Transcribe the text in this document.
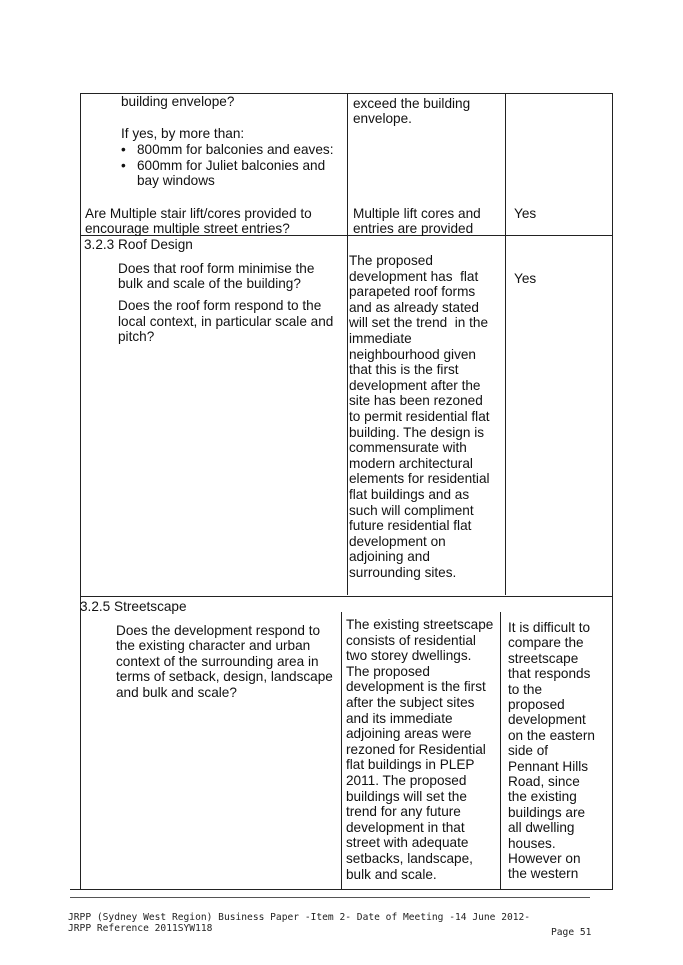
building envelope?
If yes, by more than:
• 800mm for balconies and eaves:
• 600mm for Juliet balconies and
bay windows
exceed the building
envelope.
Are Multiple stair lift/cores provided to
encourage multiple street entries?
Multiple lift cores and
entries are provided
Yes
3.2.3 Roof Design
Does that roof form minimise the
bulk and scale of the building?
Does the roof form respond to the
local context, in particular scale and
pitch?
The proposed
development has  flat
parapeted roof forms
and as already stated
will set the trend  in the
immediate
neighbourhood given
that this is the first
development after the
site has been rezoned
to permit residential flat
building. The design is
commensurate with
modern architectural
elements for residential
flat buildings and as
such will compliment
future residential flat
development on
adjoining and
surrounding sites.
Yes
3.2.5 Streetscape
Does the development respond to
the existing character and urban
context of the surrounding area in
terms of setback, design, landscape
and bulk and scale?
The existing streetscape
consists of residential
two storey dwellings.
The proposed
development is the first
after the subject sites
and its immediate
adjoining areas were
rezoned for Residential
flat buildings in PLEP
2011. The proposed
buildings will set the
trend for any future
development in that
street with adequate
setbacks, landscape,
bulk and scale.
It is difficult to
compare the
streetscape
that responds
to the
proposed
development
on the eastern
side of
Pennant Hills
Road, since
the existing
buildings are
all dwelling
houses.
However on
the western
JRPP (Sydney West Region) Business Paper -Item 2- Date of Meeting -14 June 2012-
JRPP Reference 2011SYW118	Page 51
